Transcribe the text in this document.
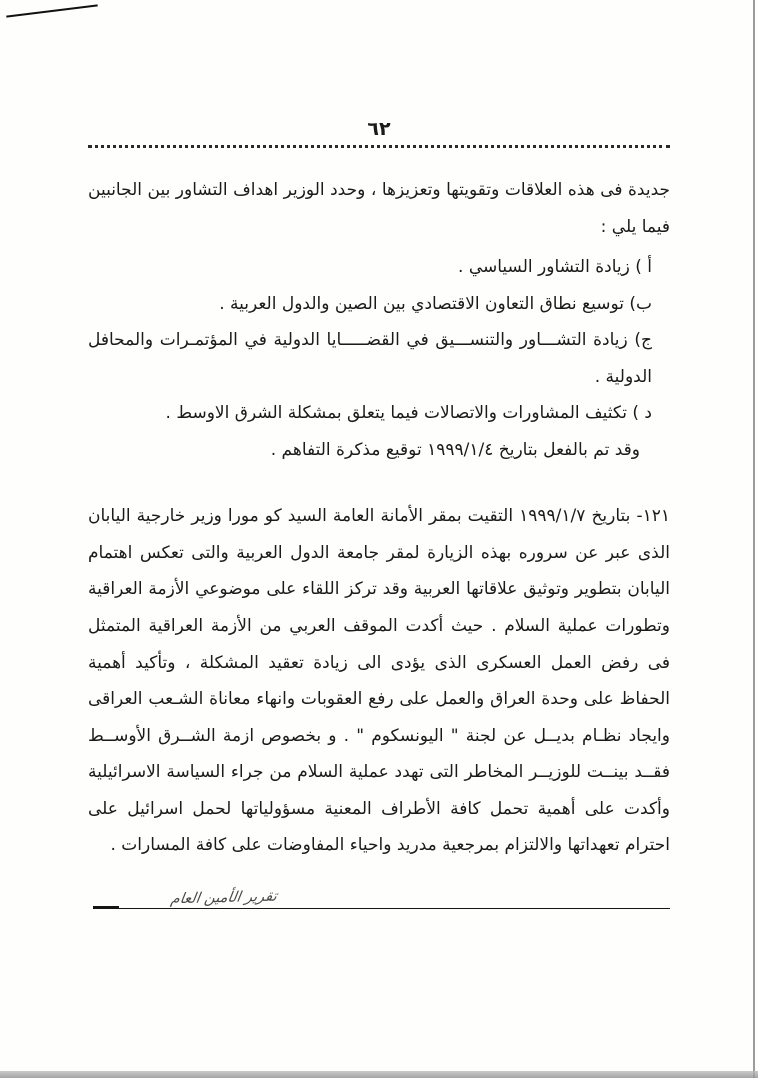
٦٢

جديدة فى هذه العلاقات وتقويتها وتعزيزها ، وحدد الوزير اهداف التشاور بين الجانبين فيما يلي :

أ ) زيادة التشاور السياسي .
ب) توسيع نطاق التعاون الاقتصادي بين الصين والدول العربية .
ج) زيادة التشـــاور والتنســـيق في القضـــــايا الدولية في المؤتمـرات والمحافل الدولية .
د ) تكثيف المشاورات والاتصالات فيما يتعلق بمشكلة الشرق الاوسط .

وقد تم بالفعل بتاريخ ١٩٩٩/١/٤ توقيع مذكرة التفاهم .

١٢١- بتاريخ ١٩٩٩/١/٧ التقيت بمقر الأمانة العامة السيد كو مورا وزير خارجية اليابان الذى عبر عن سروره بهذه الزيارة لمقر جامعة الدول العربية والتى تعكس اهتمام اليابان بتطوير وتوثيق علاقاتها العربية وقد تركز اللقاء على موضوعي الأزمة العراقية وتطورات عملية السلام . حيث أكدت الموقف العربي من الأزمة العراقية المتمثل فى رفض العمل العسكرى الذى يؤدى الى زيادة تعقيد المشكلة ، وتأكيد أهمية الحفاظ على وحدة العراق والعمل على رفع العقوبات وانهاء معاناة الشـعب العراقى وايجاد نظـام بديــل عن لجنة " اليونسكوم " . و بخصوص ازمة الشــرق الأوســط فقــد بينــت للوزيــر المخاطر التى تهدد عملية السلام من جراء السياسة الاسرائيلية وأكدت على أهمية تحمل كافة الأطراف المعنية مسؤولياتها لحمل اسرائيل على احترام تعهداتها والالتزام بمرجعية مدريد واحياء المفاوضات على كافة المسارات .

تقرير الأمين العام
